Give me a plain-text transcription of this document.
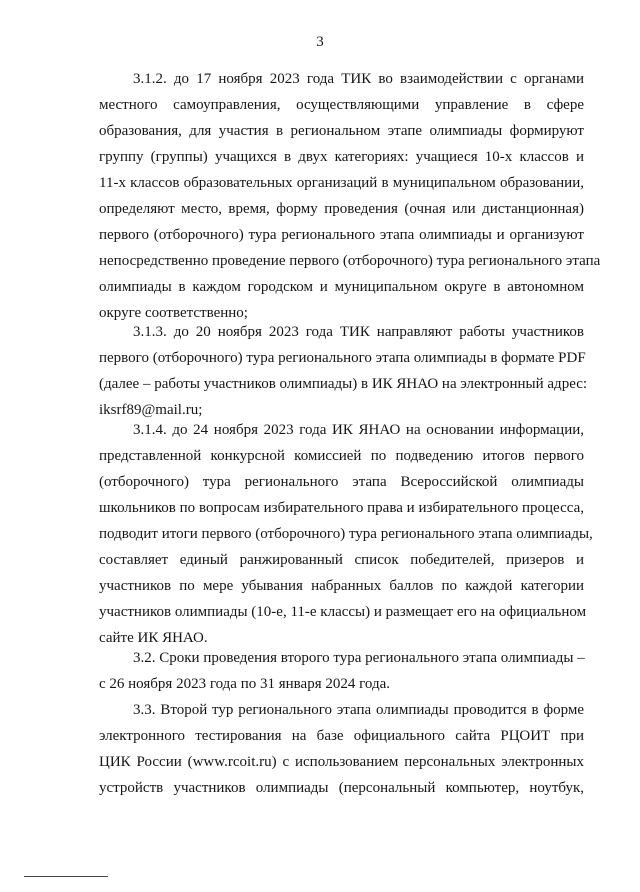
3
3.1.2. до 17 ноября 2023 года ТИК во взаимодействии с органами
местного самоуправления, осуществляющими управление в сфере
образования, для участия в региональном этапе олимпиады формируют
группу (группы) учащихся в двух категориях: учащиеся 10-х классов и
11-х классов образовательных организаций в муниципальном образовании,
определяют место, время, форму проведения (очная или дистанционная)
первого (отборочного) тура регионального этапа олимпиады и организуют
непосредственно проведение первого (отборочного) тура регионального этапа
олимпиады в каждом городском и муниципальном округе в автономном
округе соответственно;
3.1.3. до 20 ноября 2023 года ТИК направляют работы участников
первого (отборочного) тура регионального этапа олимпиады в формате PDF
(далее – работы участников олимпиады) в ИК ЯНАО на электронный адрес:
iksrf89@mail.ru;
3.1.4. до 24 ноября 2023 года ИК ЯНАО на основании информации,
представленной конкурсной комиссией по подведению итогов первого
(отборочного) тура регионального этапа Всероссийской олимпиады
школьников по вопросам избирательного права и избирательного процесса,
подводит итоги первого (отборочного) тура регионального этапа олимпиады,
составляет единый ранжированный список победителей, призеров и
участников по мере убывания набранных баллов по каждой категории
участников олимпиады (10-е, 11-е классы) и размещает его на официальном
сайте ИК ЯНАО.
3.2. Сроки проведения второго тура регионального этапа олимпиады –
с 26 ноября 2023 года по 31 января 2024 года.
3.3. Второй тур регионального этапа олимпиады проводится в форме
электронного тестирования на базе официального сайта РЦОИТ при
ЦИК России (www.rcoit.ru) с использованием персональных электронных
устройств участников олимпиады (персональный компьютер, ноутбук,
